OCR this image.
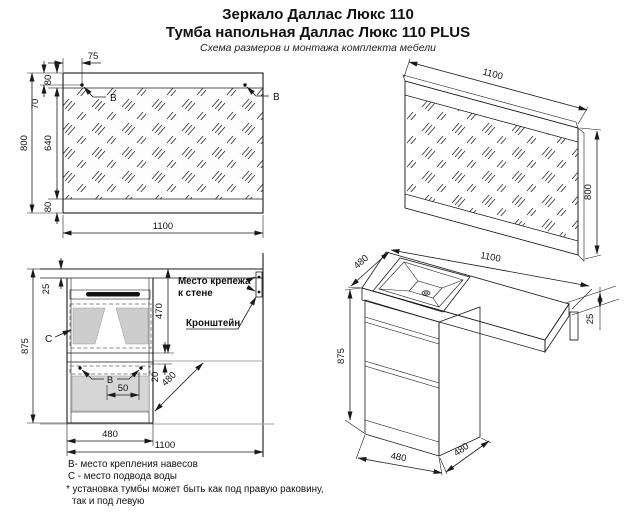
Зеркало Даллас Люкс 110
Тумба напольная Даллас Люкс 110 PLUS
Схема размеров и монтажа комплекта мебели
В	В
75
800
80
70
640
80
1100
1100
800
В
С
50
20
470
875
25
480
Место крепежа
к стене
Кронштейн
480
1100
480	1100
875
480	480
25
В- место крепления навесов
С - место подвода воды
* установка тумбы может быть как под правую раковину,
так и под левую
